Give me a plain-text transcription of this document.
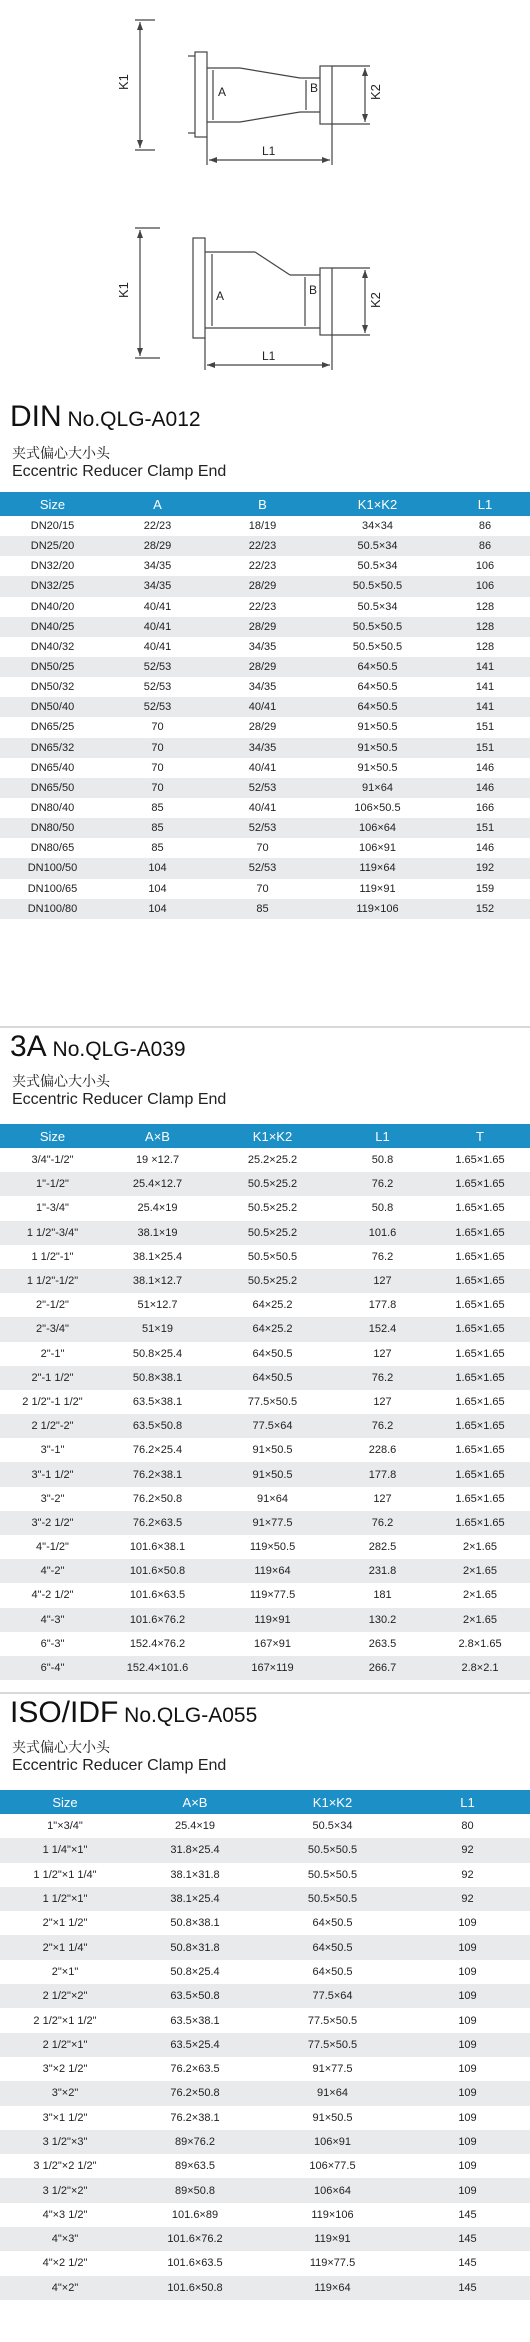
K1
K2
A	B
L1
K1
K2
A	B
L1
DIN No.QLG-A012
夹式偏心大小头
Eccentric Reducer Clamp End
Size	A	B	K1×K2	L1
DN20/15	22/23	18/19	34×34	86
DN25/20	28/29	22/23	50.5×34	86
DN32/20	34/35	22/23	50.5×34	106
DN32/25	34/35	28/29	50.5×50.5	106
DN40/20	40/41	22/23	50.5×34	128
DN40/25	40/41	28/29	50.5×50.5	128
DN40/32	40/41	34/35	50.5×50.5	128
DN50/25	52/53	28/29	64×50.5	141
DN50/32	52/53	34/35	64×50.5	141
DN50/40	52/53	40/41	64×50.5	141
DN65/25	70	28/29	91×50.5	151
DN65/32	70	34/35	91×50.5	151
DN65/40	70	40/41	91×50.5	146
DN65/50	70	52/53	91×64	146
DN80/40	85	40/41	106×50.5	166
DN80/50	85	52/53	106×64	151
DN80/65	85	70	106×91	146
DN100/50	104	52/53	119×64	192
DN100/65	104	70	119×91	159
DN100/80	104	85	119×106	152
3A No.QLG-A039
夹式偏心大小头
Eccentric Reducer Clamp End
Size	A×B	K1×K2	L1	T
3/4"-1/2"	19 ×12.7	25.2×25.2	50.8	1.65×1.65
1"-1/2"	25.4×12.7	50.5×25.2	76.2	1.65×1.65
1"-3/4"	25.4×19	50.5×25.2	50.8	1.65×1.65
1 1/2"-3/4"	38.1×19	50.5×25.2	101.6	1.65×1.65
1 1/2"-1"	38.1×25.4	50.5×50.5	76.2	1.65×1.65
1 1/2"-1/2"	38.1×12.7	50.5×25.2	127	1.65×1.65
2"-1/2"	51×12.7	64×25.2	177.8	1.65×1.65
2"-3/4"	51×19	64×25.2	152.4	1.65×1.65
2"-1"	50.8×25.4	64×50.5	127	1.65×1.65
2"-1 1/2"	50.8×38.1	64×50.5	76.2	1.65×1.65
2 1/2"-1 1/2"	63.5×38.1	77.5×50.5	127	1.65×1.65
2 1/2"-2"	63.5×50.8	77.5×64	76.2	1.65×1.65
3"-1"	76.2×25.4	91×50.5	228.6	1.65×1.65
3"-1 1/2"	76.2×38.1	91×50.5	177.8	1.65×1.65
3"-2"	76.2×50.8	91×64	127	1.65×1.65
3"-2 1/2"	76.2×63.5	91×77.5	76.2	1.65×1.65
4"-1/2"	101.6×38.1	119×50.5	282.5	2×1.65
4"-2"	101.6×50.8	119×64	231.8	2×1.65
4"-2 1/2"	101.6×63.5	119×77.5	181	2×1.65
4"-3"	101.6×76.2	119×91	130.2	2×1.65
6"-3"	152.4×76.2	167×91	263.5	2.8×1.65
6"-4"	152.4×101.6	167×119	266.7	2.8×2.1
ISO/IDF No.QLG-A055
夹式偏心大小头
Eccentric Reducer Clamp End
Size	A×B	K1×K2	L1
1"×3/4"	25.4×19	50.5×34	80
1 1/4"×1"	31.8×25.4	50.5×50.5	92
1 1/2"×1 1/4"	38.1×31.8	50.5×50.5	92
1 1/2"×1"	38.1×25.4	50.5×50.5	92
2"×1 1/2"	50.8×38.1	64×50.5	109
2"×1 1/4"	50.8×31.8	64×50.5	109
2"×1"	50.8×25.4	64×50.5	109
2 1/2"×2"	63.5×50.8	77.5×64	109
2 1/2"×1 1/2"	63.5×38.1	77.5×50.5	109
2 1/2"×1"	63.5×25.4	77.5×50.5	109
3"×2 1/2"	76.2×63.5	91×77.5	109
3"×2"	76.2×50.8	91×64	109
3"×1 1/2"	76.2×38.1	91×50.5	109
3 1/2"×3"	89×76.2	106×91	109
3 1/2"×2 1/2"	89×63.5	106×77.5	109
3 1/2"×2"	89×50.8	106×64	109
4"×3 1/2"	101.6×89	119×106	145
4"×3"	101.6×76.2	119×91	145
4"×2 1/2"	101.6×63.5	119×77.5	145
4"×2"	101.6×50.8	119×64	145
